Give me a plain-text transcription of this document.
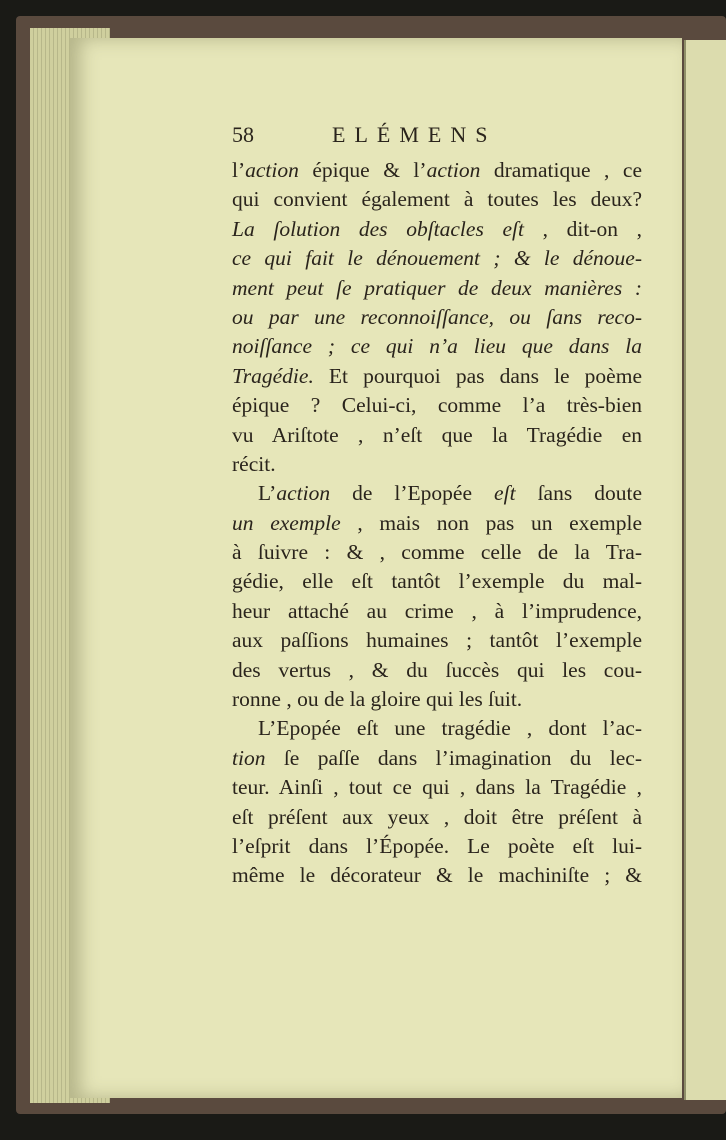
58	ELÉMENS
l’action épique & l’action dramatique , ce
qui convient également à toutes les deux?
La ſolution des obſtacles eſt , dit-on ,
ce qui fait le dénouement ; & le dénoue-
ment peut ſe pratiquer de deux manières :
ou par une reconnoiſſance, ou ſans reco-
noiſſance ; ce qui n’a lieu que dans la
Tragédie. Et pourquoi pas dans le poème
épique ? Celui-ci, comme l’a très-bien
vu Ariſtote , n’eſt que la Tragédie en
récit.
L’action de l’Epopée eſt ſans doute
un exemple , mais non pas un exemple
à ſuivre : & , comme celle de la Tra-
gédie, elle eſt tantôt l’exemple du mal-
heur attaché au crime , à l’imprudence,
aux paſſions humaines ; tantôt l’exemple
des vertus , & du ſuccès qui les cou-
ronne , ou de la gloire qui les ſuit.
L’Epopée eſt une tragédie , dont l’ac-
tion ſe paſſe dans l’imagination du lec-
teur. Ainſi , tout ce qui , dans la Tragédie ,
eſt préſent aux yeux , doit être préſent à
l’eſprit dans l’Épopée. Le poète eſt lui-
même le décorateur & le machiniſte ; &
